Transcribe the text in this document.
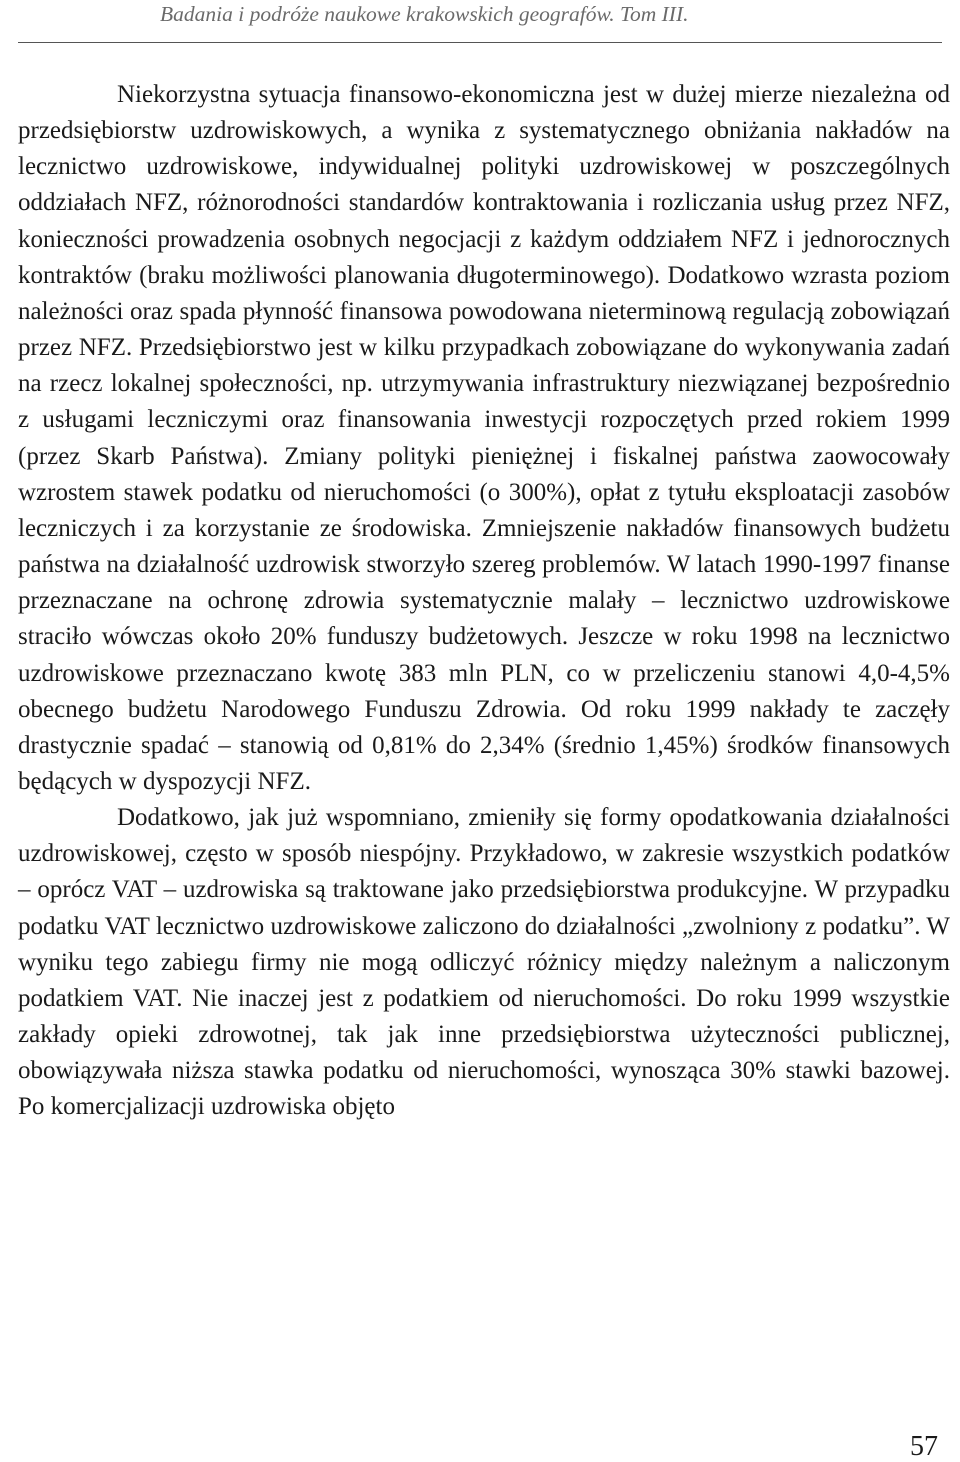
Badania i podróże naukowe krakowskich geografów. Tom III.

Niekorzystna sytuacja finansowo-ekonomiczna jest w dużej mierze niezależna od przedsiębiorstw uzdrowiskowych, a wynika z systematycznego obniżania nakładów na lecznictwo uzdrowiskowe, indywidualnej polityki uzdrowiskowej w poszczególnych oddziałach NFZ, różnorodności standardów kontraktowania i rozliczania usług przez NFZ, konieczności prowadzenia osobnych negocjacji z każdym oddziałem NFZ i jednorocznych kontraktów (braku możliwości planowania długoterminowego). Dodatkowo wzrasta poziom należności oraz spada płynność finansowa powodowana nieterminową regulacją zobowiązań przez NFZ. Przedsiębiorstwo jest w kilku przypadkach zobowiązane do wykonywania zadań na rzecz lokalnej społeczności, np. utrzymywania infrastruktury niezwiązanej bezpośrednio z usługami leczniczymi oraz finansowania inwestycji rozpoczętych przed rokiem 1999 (przez Skarb Państwa). Zmiany polityki pieniężnej i fiskalnej państwa zaowocowały wzrostem stawek podatku od nieruchomości (o 300%), opłat z tytułu eksploatacji zasobów leczniczych i za korzystanie ze środowiska. Zmniejszenie nakładów finansowych budżetu państwa na działalność uzdrowisk stworzyło szereg problemów. W latach 1990-1997 finanse przeznaczane na ochronę zdrowia systematycznie malały – lecznictwo uzdrowiskowe straciło wówczas około 20% funduszy budżetowych. Jeszcze w roku 1998 na lecznictwo uzdrowiskowe przeznaczano kwotę 383 mln PLN, co w przeliczeniu stanowi 4,0-4,5% obecnego budżetu Narodowego Funduszu Zdrowia. Od roku 1999 nakłady te zaczęły drastycznie spadać – stanowią od 0,81% do 2,34% (średnio 1,45%) środków finansowych będących w dyspozycji NFZ.

Dodatkowo, jak już wspomniano, zmieniły się formy opodatkowania działalności uzdrowiskowej, często w sposób niespójny. Przykładowo, w zakresie wszystkich podatków – oprócz VAT – uzdrowiska są traktowane jako przedsiębiorstwa produkcyjne. W przypadku podatku VAT lecznictwo uzdrowiskowe zaliczono do działalności „zwolniony z podatku”. W wyniku tego zabiegu firmy nie mogą odliczyć różnicy między należnym a naliczonym podatkiem VAT. Nie inaczej jest z podatkiem od nieruchomości. Do roku 1999 wszystkie zakłady opieki zdrowotnej, tak jak inne przedsiębiorstwa użyteczności publicznej, obowiązywała niższa stawka podatku od nieruchomości, wynosząca 30% stawki bazowej. Po komercjalizacji uzdrowiska objęto

57
